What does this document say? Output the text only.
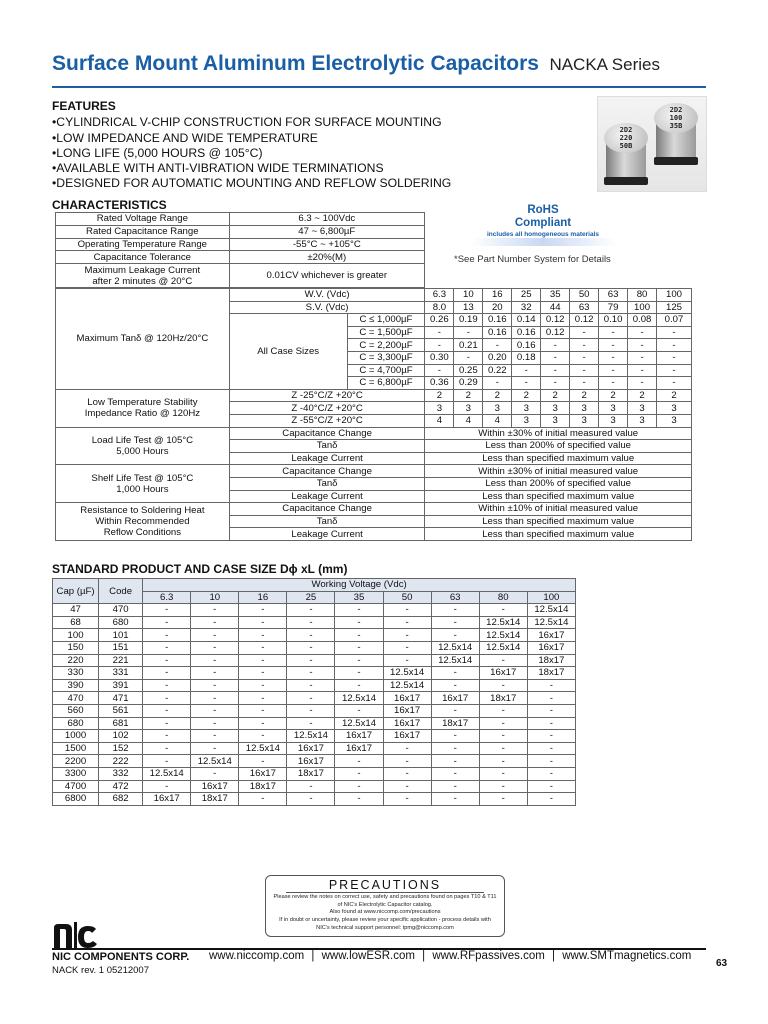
Surface Mount Aluminum Electrolytic Capacitors NACKA Series
FEATURES
• CYLINDRICAL V-CHIP CONSTRUCTION FOR SURFACE MOUNTING
• LOW IMPEDANCE AND WIDE TEMPERATURE
• LONG LIFE (5,000 HOURS @ 105°C)
• AVAILABLE WITH ANTI-VIBRATION WIDE TERMINATIONS
• DESIGNED FOR AUTOMATIC MOUNTING AND REFLOW SOLDERING
2D2
220
50B
2D2
100
35B
CHARACTERISTICS	RoHS
Compliant
includes all homogeneous materials
*See Part Number System for Details
Rated Voltage Range	6.3 ~ 100Vdc
Rated Capacitance Range	47 ~ 6,800µF
Operating Temperature Range	-55°C ~ +105°C
Capacitance Tolerance	±20%(M)
Maximum Leakage Current
after 2 minutes @ 20°C	0.01CV whichever is greater
Maximum Tanδ @ 120Hz/20°C	W.V. (Vdc)		6.3	10	16	25	35	50	63	80	100
	S.V. (Vdc)		8.0	13	20	32	44	63	79	100	125
	All Case Sizes	C ≤ 1,000µF	0.26	0.19	0.16	0.14	0.12	0.12	0.10	0.08	0.07
		C = 1,500µF	-	-	0.16	0.16	0.12	-	-	-	-
		C = 2,200µF	-	0.21	-	0.16	-	-	-	-	-
		C = 3,300µF	0.30	-	0.20	0.18	-	-	-	-	-
		C = 4,700µF	-	0.25	0.22	-	-	-	-	-	-
		C = 6,800µF	0.36	0.29	-	-	-	-	-	-	-
Low Temperature Stability
Impedance Ratio @ 120Hz	Z -25°C/Z +20°C		2	2	2	2	2	2	2	2	2
	Z -40°C/Z +20°C		3	3	3	3	3	3	3	3	3
	Z -55°C/Z +20°C		4	4	4	3	3	3	3	3	3
Load Life Test @ 105°C
5,000 Hours	Capacitance Change		Within ±30% of initial measured value								
	Tanδ		Less than 200% of specified value								
	Leakage Current		Less than specified maximum value								
Shelf Life Test @ 105°C
1,000 Hours	Capacitance Change		Within ±30% of initial measured value								
	Tanδ		Less than 200% of specified value								
	Leakage Current		Less than specified maximum value								
Resistance to Soldering Heat
Within Recommended
Reflow Conditions	Capacitance Change		Within ±10% of initial measured value								
	Tanδ		Less than specified maximum value								
	Leakage Current		Less than specified maximum value								
STANDARD PRODUCT AND CASE SIZE Dϕ xL (mm)
Cap (µF)	Code	Working Voltage (Vdc)								
		6.3	10	16	25	35	50	63	80	100
47	470	-	-	-	-	-	-	-	-	12.5x14
68	680	-	-	-	-	-	-	-	12.5x14	12.5x14
100	101	-	-	-	-	-	-	-	12.5x14	16x17
150	151	-	-	-	-	-	-	12.5x14	12.5x14	16x17
220	221	-	-	-	-	-	-	12.5x14	-	18x17
330	331	-	-	-	-	-	12.5x14	-	16x17	18x17
390	391	-	-	-	-	-	12.5x14	-	-	-
470	471	-	-	-	-	12.5x14	16x17	16x17	18x17	-
560	561	-	-	-	-	-	16x17	-	-	-
680	681	-	-	-	-	12.5x14	16x17	18x17	-	-
1000	102	-	-	-	12.5x14	16x17	16x17	-	-	-
1500	152	-	-	12.5x14	16x17	16x17	-	-	-	-
2200	222	-	12.5x14	-	16x17	-	-	-	-	-
3300	332	12.5x14	-	16x17	18x17	-	-	-	-	-
4700	472	-	16x17	18x17	-	-	-	-	-	-
6800	682	16x17	18x17	-	-	-	-	-	-	-
PRECAUTIONS

Please review the notes on correct use, safety and precautions found on pages T10 & T11
of NIC's Electrolytic Capacitor catalog.
Also found at www.niccomp.com/precautions
If in doubt or uncertainty, please review your specific application - process details with
NIC's technical support personnel: tpmg@niccomp.com

NIC COMPONENTS CORP. www.niccomp.com | www.lowESR.com | www.RFpassives.com | www.SMTmagnetics.com
NACK rev. 1 05212007
63
